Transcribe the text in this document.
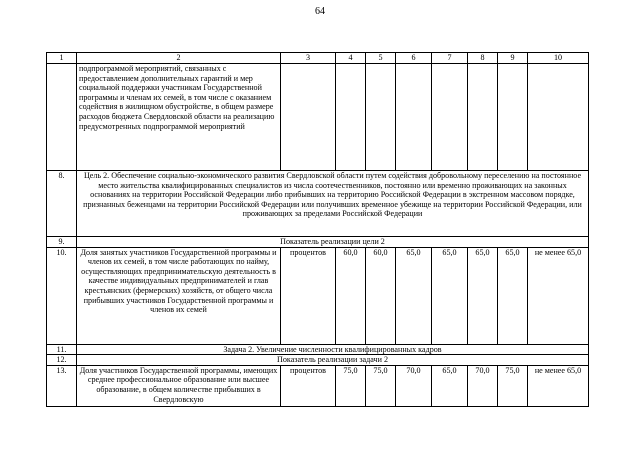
64
1	2	3	4	5	6	7	8	9	10
	подпрограммой мероприятий, связанных с предоставлением дополнительных гарантий и мер социальной поддержки участникам Государственной программы и членам их семей, в том числе с оказанием содействия в жилищном обустройстве, в общем размере расходов бюджета Свердловской области на реализацию предусмотренных подпрограммой мероприятий								
8.	Цель 2. Обеспечение социально-экономического развития Свердловской области путем содействия добровольному переселению на постоянное место жительства квалифицированных специалистов из числа соотечественников, постоянно или временно проживающих на законных основаниях на территории Российской Федерации либо прибывших на территорию Российской Федерации в экстренном массовом порядке, признанных беженцами на территории Российской Федерации или получивших временное убежище на территории Российской Федерации, или проживающих за пределами Российской Федерации								
9.	Показатель реализации цели 2								
10.	Доля занятых участников Государственной программы и членов их семей, в том числе работающих по найму, осуществляющих предпринимательскую деятельность в качестве индивидуальных предпринимателей и глав крестьянских (фермерских) хозяйств, от общего числа прибывших участников Государственной программы и членов их семей	процентов	60,0	60,0	65,0	65,0	65,0	65,0	не менее 65,0
11.	Задача 2. Увеличение численности квалифицированных кадров								
12.	Показатель реализации задачи 2								
13.	Доля участников Государственной программы, имеющих среднее профессиональное образование или высшее образование, в общем количестве прибывших в Свердловскую	процентов	75,0	75,0	70,0	65,0	70,0	75,0	не менее 65,0
